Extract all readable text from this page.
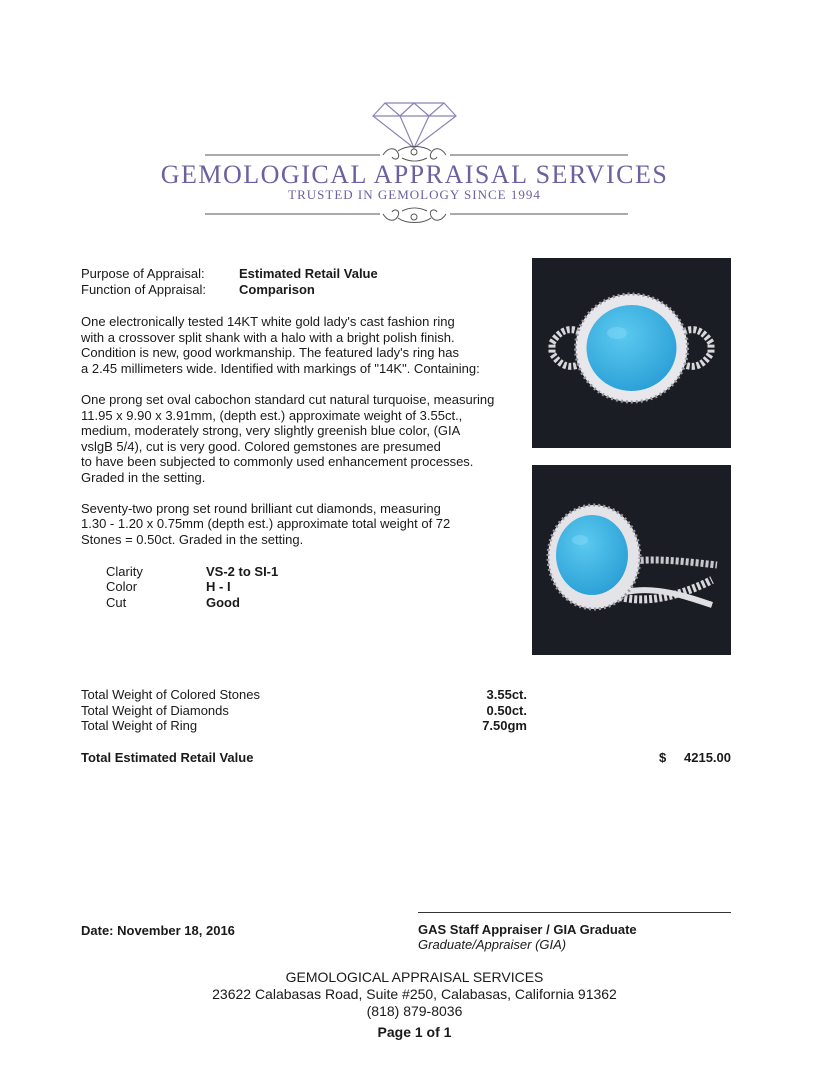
GEMOLOGICAL APPRAISAL SERVICES
TRUSTED IN GEMOLOGY SINCE 1994
Purpose of Appraisal:	Estimated Retail Value
Function of Appraisal:	Comparison
One electronically tested 14KT white gold lady's cast fashion ring
with a crossover split shank with a halo with a bright polish finish.
Condition is new, good workmanship. The featured lady's ring has
a 2.45 millimeters wide. Identified with markings of "14K". Containing:
One prong set oval cabochon standard cut natural turquoise, measuring
11.95 x 9.90 x 3.91mm, (depth est.) approximate weight of 3.55ct.,
medium, moderately strong, very slightly greenish blue color, (GIA
vslgB 5/4), cut is very good. Colored gemstones are presumed
to have been subjected to commonly used enhancement processes.
Graded in the setting.
Seventy-two prong set round brilliant cut diamonds, measuring
1.30 - 1.20 x 0.75mm (depth est.) approximate total weight of 72
Stones = 0.50ct. Graded in the setting.
Clarity	VS-2 to SI-1
Color	H - I
Cut	Good
Total Weight of Colored Stones	3.55ct.
Total Weight of Diamonds	0.50ct.
Total Weight of Ring	7.50gm
Total Estimated Retail Value	$	4215.00
Date: November 18, 2016	GAS Staff Appraiser / GIA Graduate
Graduate/Appraiser (GIA)
GEMOLOGICAL APPRAISAL SERVICES
23622 Calabasas Road, Suite #250, Calabasas, California 91362
(818) 879-8036
Page 1 of 1
